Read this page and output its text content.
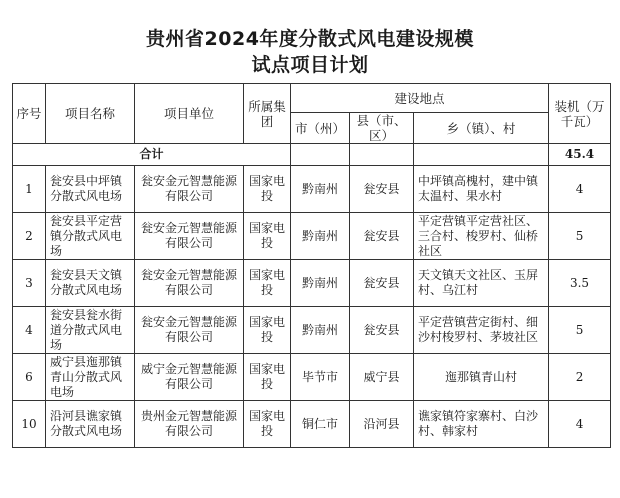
贵州省2024年度分散式风电建设规模
试点项目计划
序号	项目名称	项目单位	所属集团	建设地点			装机（万千瓦）
				市（州）	县（市、区）	乡（镇）、村	
合计							45.4
1	瓮安县中坪镇分散式风电场	瓮安金元智慧能源有限公司	国家电投	黔南州	瓮安县	中坪镇高槐村，建中镇太温村、果水村	4
2	瓮安县平定营镇分散式风电场	瓮安金元智慧能源有限公司	国家电投	黔南州	瓮安县	平定营镇平定营社区、三合村、梭罗村、仙桥社区	5
3	瓮安县天文镇分散式风电场	瓮安金元智慧能源有限公司	国家电投	黔南州	瓮安县	天文镇天文社区、玉屏村、乌江村	3.5
4	瓮安县瓮水街道分散式风电场	瓮安金元智慧能源有限公司	国家电投	黔南州	瓮安县	平定营镇营定街村、细沙村梭罗村、茅坡社区	5
6	威宁县迤那镇青山分散式风电场	威宁金元智慧能源有限公司	国家电投	毕节市	威宁县	迤那镇青山村	2
10	沿河县谯家镇分散式风电场	贵州金元智慧能源有限公司	国家电投	铜仁市	沿河县	谯家镇符家寨村、白沙村、韩家村	4
